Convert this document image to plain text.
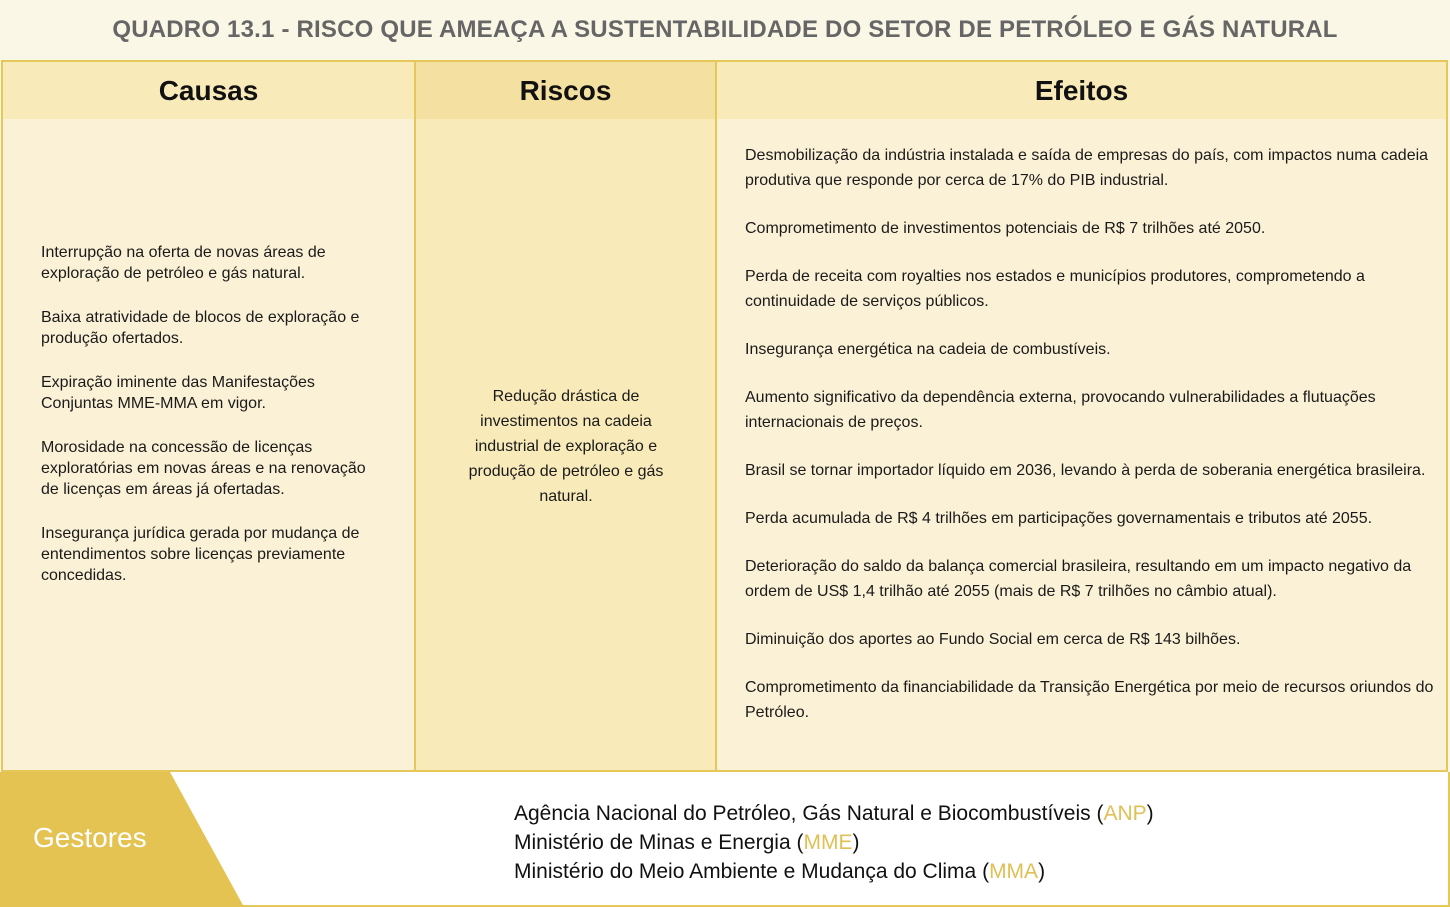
QUADRO 13.1 - RISCO QUE AMEAÇA A SUSTENTABILIDADE DO SETOR DE PETRÓLEO E GÁS NATURAL
Causas

Interrupção na oferta de novas áreas de exploração de petróleo e gás natural.

Baixa atratividade de blocos de exploração e produção ofertados.

Expiração iminente das Manifestações Conjuntas MME-MMA em vigor.

Morosidade na concessão de licenças exploratórias em novas áreas e na renovação de licenças em áreas já ofertadas.

Insegurança jurídica gerada por mudança de entendimentos sobre licenças previamente concedidas.

Riscos
Redução drástica de investimentos na cadeia industrial de exploração e produção de petróleo e gás natural.
Efeitos

Desmobilização da indústria instalada e saída de empresas do país, com impactos numa cadeia produtiva que responde por cerca de 17% do PIB industrial.

Comprometimento de investimentos potenciais de R$ 7 trilhões até 2050.

Perda de receita com royalties nos estados e municípios produtores, comprometendo a continuidade de serviços públicos.

Insegurança energética na cadeia de combustíveis.

Aumento significativo da dependência externa, provocando vulnerabilidades a flutuações internacionais de preços.

Brasil se tornar importador líquido em 2036, levando à perda de soberania energética brasileira.

Perda acumulada de R$ 4 trilhões em participações governamentais e tributos até 2055.

Deterioração do saldo da balança comercial brasileira, resultando em um impacto negativo da ordem de US$ 1,4 trilhão até 2055 (mais de R$ 7 trilhões no câmbio atual).

Diminuição dos aportes ao Fundo Social em cerca de R$ 143 bilhões.

Comprometimento da financiabilidade da Transição Energética por meio de recursos oriundos do Petróleo.

Gestores
Agência Nacional do Petróleo, Gás Natural e Biocombustíveis (ANP)
Ministério de Minas e Energia (MME)
Ministério do Meio Ambiente e Mudança do Clima (MMA)
